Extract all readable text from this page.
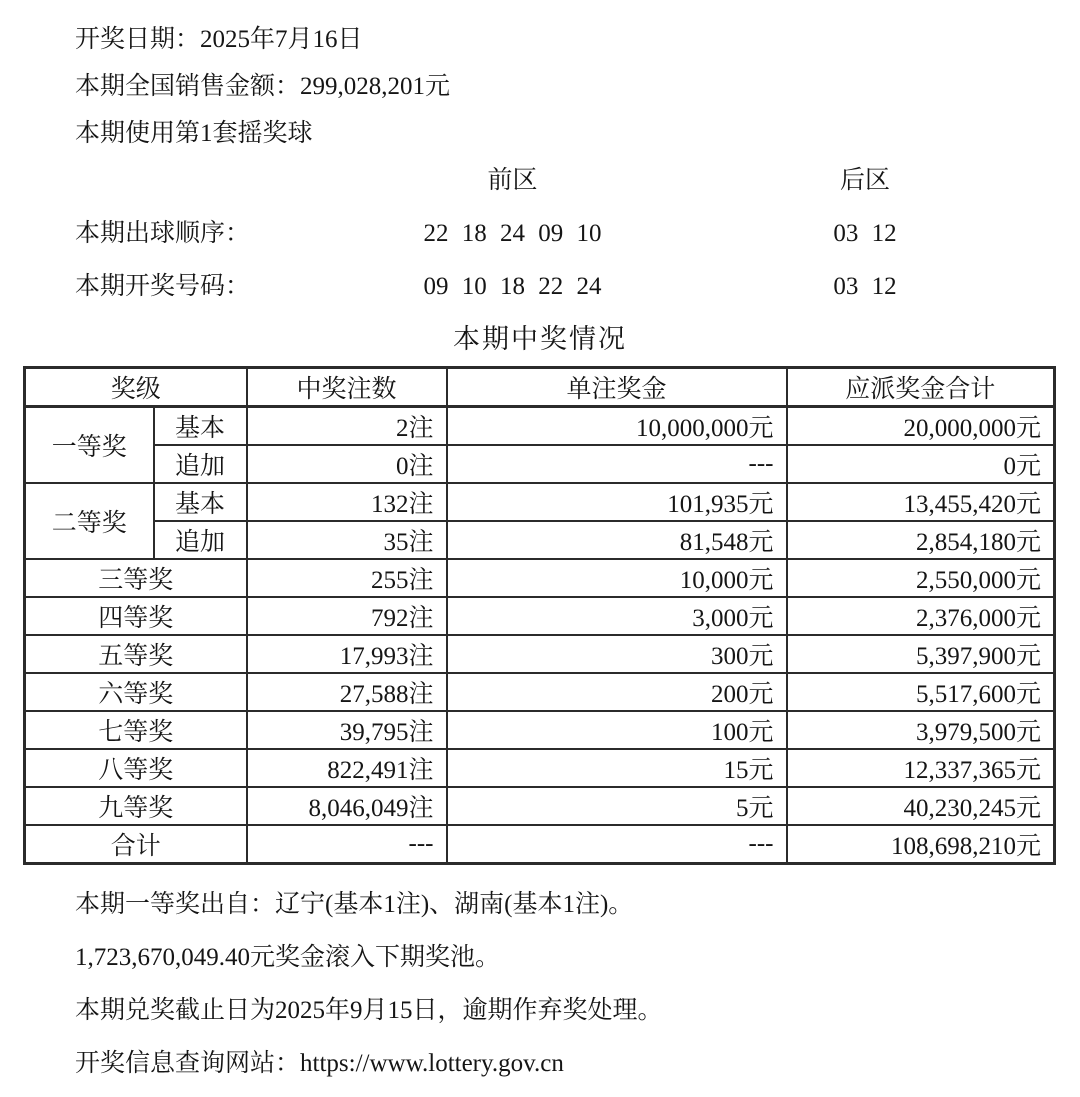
开奖日期：2025年7月16日
本期全国销售金额：299,028,201元
本期使用第1套摇奖球
前区	后区
本期出球顺序：	22 18 24 09 10	03 12
本期开奖号码：	09 10 18 22 24	03 12
本期中奖情况
奖级		中奖注数	单注奖金	应派奖金合计
一等奖	基本	2注	10,000,000元	20,000,000元
	追加	0注	---	0元
二等奖	基本	132注	101,935元	13,455,420元
	追加	35注	81,548元	2,854,180元
三等奖		255注	10,000元	2,550,000元
四等奖		792注	3,000元	2,376,000元
五等奖		17,993注	300元	5,397,900元
六等奖		27,588注	200元	5,517,600元
七等奖		39,795注	100元	3,979,500元
八等奖		822,491注	15元	12,337,365元
九等奖		8,046,049注	5元	40,230,245元
合计		---	---	108,698,210元
本期一等奖出自：辽宁(基本1注)、湖南(基本1注)。
1,723,670,049.40元奖金滚入下期奖池。
本期兑奖截止日为2025年9月15日，逾期作弃奖处理。
开奖信息查询网站：https://www.lottery.gov.cn
